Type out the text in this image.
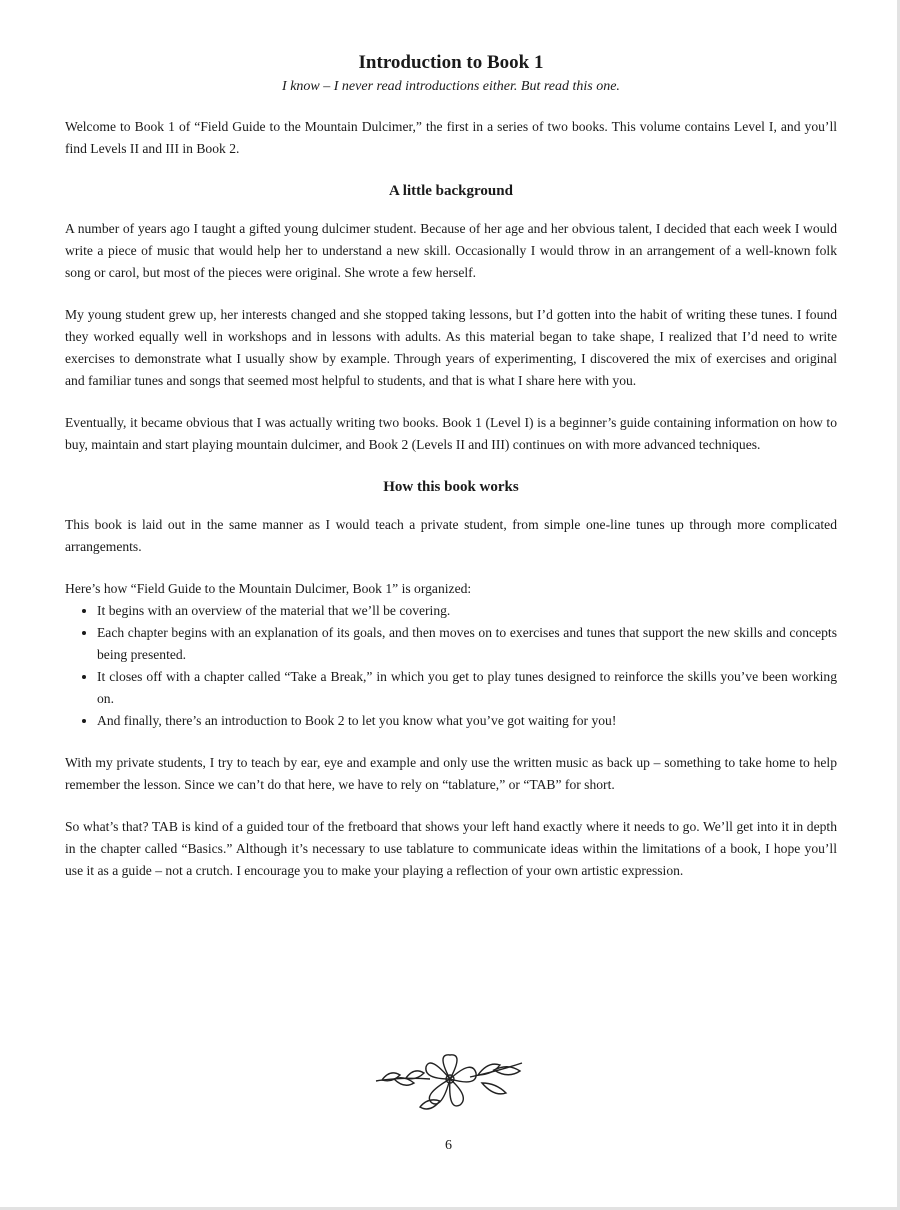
Introduction to Book 1
I know – I never read introductions either. But read this one.

Welcome to Book 1 of “Field Guide to the Mountain Dulcimer,” the first in a series of two books. This volume contains Level I, and you’ll find Levels II and III in Book 2.

A little background

A number of years ago I taught a gifted young dulcimer student. Because of her age and her obvious talent, I decided that each week I would write a piece of music that would help her to understand a new skill. Occasionally I would throw in an arrangement of a well-known folk song or carol, but most of the pieces were original. She wrote a few herself.

My young student grew up, her interests changed and she stopped taking lessons, but I’d gotten into the habit of writing these tunes. I found they worked equally well in workshops and in lessons with adults. As this material began to take shape, I realized that I’d need to write exercises to demonstrate what I usually show by example. Through years of experimenting, I discovered the mix of exercises and original and familiar tunes and songs that seemed most helpful to students, and that is what I share here with you.

Eventually, it became obvious that I was actually writing two books. Book 1 (Level I) is a beginner’s guide containing information on how to buy, maintain and start playing mountain dulcimer, and Book 2 (Levels II and III) continues on with more advanced techniques.

How this book works

This book is laid out in the same manner as I would teach a private student, from simple one-line tunes up through more complicated arrangements.

Here’s how “Field Guide to the Mountain Dulcimer, Book 1” is organized:

• It begins with an overview of the material that we’ll be covering.
• Each chapter begins with an explanation of its goals, and then moves on to exercises and tunes that support the new skills and concepts being presented.
• It closes off with a chapter called “Take a Break,” in which you get to play tunes designed to reinforce the skills you’ve been working on.
• And finally, there’s an introduction to Book 2 to let you know what you’ve got waiting for you!

With my private students, I try to teach by ear, eye and example and only use the written music as back up – something to take home to help remember the lesson. Since we can’t do that here, we have to rely on “tablature,” or “TAB” for short.

So what’s that? TAB is kind of a guided tour of the fretboard that shows your left hand exactly where it needs to go. We’ll get into it in depth in the chapter called “Basics.” Although it’s necessary to use tablature to communicate ideas within the limitations of a book, I hope you’ll use it as a guide – not a crutch. I encourage you to make your playing a reflection of your own artistic expression.

6
